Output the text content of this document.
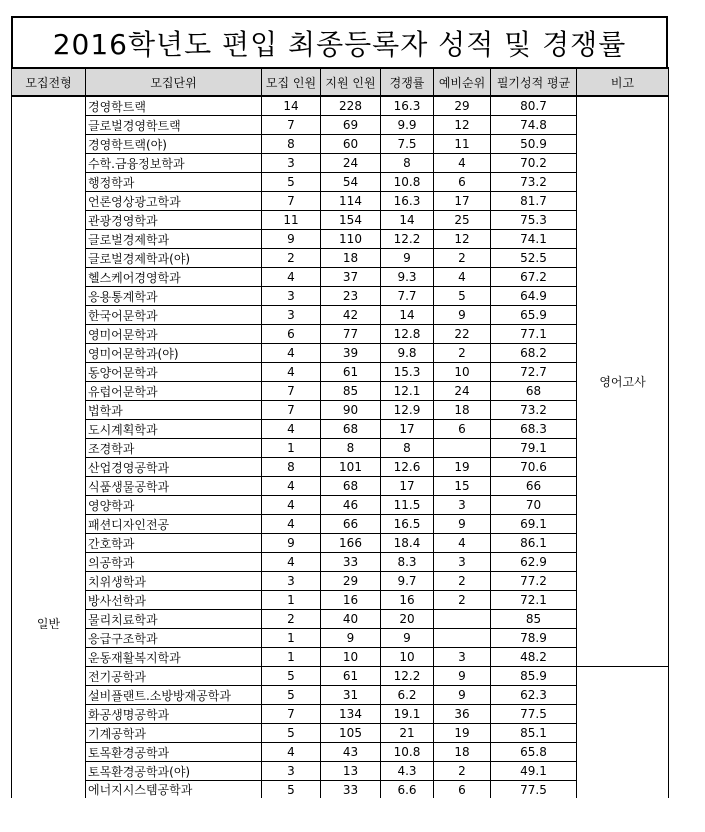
2016학년도 편입 최종등록자 성적 및 경쟁률
모집전형	모집단위	모집 인원	지원 인원	경쟁률	예비순위	필기성적 평균	비고
일반	경영학트랙	14	228	16.3	29	80.7	영어고사
	글로벌경영학트랙	7	69	9.9	12	74.8	
	경영학트랙(야)	8	60	7.5	11	50.9	
	수학.금융정보학과	3	24	8	4	70.2	
	행정학과	5	54	10.8	6	73.2	
	언론영상광고학과	7	114	16.3	17	81.7	
	관광경영학과	11	154	14	25	75.3	
	글로벌경제학과	9	110	12.2	12	74.1	
	글로벌경제학과(야)	2	18	9	2	52.5	
	헬스케어경영학과	4	37	9.3	4	67.2	
	응용통계학과	3	23	7.7	5	64.9	
	한국어문학과	3	42	14	9	65.9	
	영미어문학과	6	77	12.8	22	77.1	
	영미어문학과(야)	4	39	9.8	2	68.2	
	동양어문학과	4	61	15.3	10	72.7	
	유럽어문학과	7	85	12.1	24	68	
	법학과	7	90	12.9	18	73.2	
	도시계획학과	4	68	17	6	68.3	
	조경학과	1	8	8		79.1	
	산업경영공학과	8	101	12.6	19	70.6	
	식품생물공학과	4	68	17	15	66	
	영양학과	4	46	11.5	3	70	
	패션디자인전공	4	66	16.5	9	69.1	
	간호학과	9	166	18.4	4	86.1	
	의공학과	4	33	8.3	3	62.9	
	치위생학과	3	29	9.7	2	77.2	
	방사선학과	1	16	16	2	72.1	
	물리치료학과	2	40	20		85	
	응급구조학과	1	9	9		78.9	
	운동재활복지학과	1	10	10	3	48.2	
	전기공학과	5	61	12.2	9	85.9	
	설비플랜트.소방방재공학과	5	31	6.2	9	62.3	
	화공생명공학과	7	134	19.1	36	77.5	
	기계공학과	5	105	21	19	85.1	
	토목환경공학과	4	43	10.8	18	65.8	
	토목환경공학과(야)	3	13	4.3	2	49.1	
	에너지시스템공학과	5	33	6.6	6	77.5	
